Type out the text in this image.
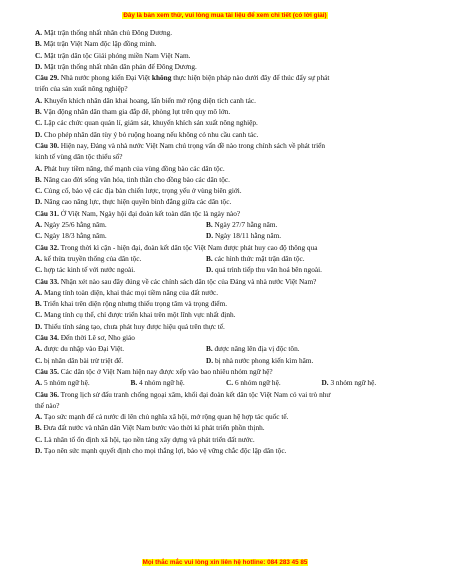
Đây là bản xem thử, vui lòng mua tài liệu để xem chi tiết (có lời giải)
A. Mặt trận thống nhất nhân chủ Đông Dương.
B. Mặt trận Việt Nam độc lập đồng minh.
C. Mặt trận dân tộc Giải phóng miền Nam Việt Nam.
D. Mặt trận thống nhất nhân dân phản đế Đông Dương.
Câu 29. Nhà nước phong kiến Đại Việt không thực hiện biện pháp nào dưới đây để thúc đẩy sự phát
triển của sản xuất nông nghiệp?
A. Khuyến khích nhân dân khai hoang, lấn biển mở rộng diện tích canh tác.
B. Vận động nhân dân tham gia đắp đê, phòng lụt trên quy mô lớn.
C. Lập các chức quan quản lí, giám sát, khuyến khích sản xuất nông nghiệp.
D. Cho phép nhân dân tùy ý bỏ ruộng hoang nếu không có nhu cầu canh tác.
Câu 30. Hiện nay, Đảng và nhà nước Việt Nam chú trọng vấn đề nào trong chính sách về phát triển
kinh tế vùng dân tộc thiểu số?
A. Phát huy tiềm năng, thế mạnh của vùng đồng bào các dân tộc.
B. Nâng cao đời sống văn hóa, tinh thần cho đồng bào các dân tộc.
C. Củng cố, bảo vệ các địa bàn chiến lược, trọng yếu ở vùng biên giới.
D. Nâng cao năng lực, thực hiện quyền bình đẳng giữa các dân tộc.
Câu 31. Ở Việt Nam, Ngày hội đại đoàn kết toàn dân tộc là ngày nào?
A. Ngày 25/6 hằng năm.	B. Ngày 27/7 hằng năm.
C. Ngày 18/3 hằng năm.	D. Ngày 18/11 hằng năm.
Câu 32. Trong thời kì cận - hiện đại, đoàn kết dân tộc Việt Nam được phát huy cao độ thông qua
A. kế thừa truyền thống của dân tộc.	B. các hình thức mặt trận dân tộc.
C. hợp tác kinh tế với nước ngoài.	D. quá trình tiếp thu văn hoá bên ngoài.
Câu 33. Nhận xét nào sau đây đúng về các chính sách dân tộc của Đảng và nhà nước Việt Nam?
A. Mang tính toàn diện, khai thác mọi tiềm năng của đất nước.
B. Triển khai trên diện rộng nhưng thiếu trọng tâm và trọng điểm.
C. Mang tính cụ thể, chỉ được triển khai trên một lĩnh vực nhất định.
D. Thiếu tính sáng tạo, chưa phát huy được hiệu quả trên thực tế.
Câu 34. Đến thời Lê sơ, Nho giáo
A. được du nhập vào Đại Việt.	B. được nâng lên địa vị độc tôn.
C. bị nhân dân bài trừ triệt để.	D. bị nhà nước phong kiến kìm hãm.
Câu 35. Các dân tộc ở Việt Nam hiện nay được xếp vào bao nhiêu nhóm ngữ hệ?
A. 5 nhóm ngữ hệ.	B. 4 nhóm ngữ hệ.	C. 6 nhóm ngữ hệ.	D. 3 nhóm ngữ hệ.
Câu 36. Trong lịch sử đấu tranh chống ngoại xâm, khối đại đoàn kết dân tộc Việt Nam có vai trò như
thế nào?
A. Tạo sức mạnh để cả nước đi lên chủ nghĩa xã hội, mở rộng quan hệ hợp tác quốc tế.
B. Đưa đất nước và nhân dân Việt Nam bước vào thời kì phát triển phồn thịnh.
C. Là nhân tố ổn định xã hội, tạo nền tảng xây dựng và phát triển đất nước.
D. Tạo nên sức mạnh quyết định cho mọi thắng lợi, bảo vệ vững chắc độc lập dân tộc.
Mọi thắc mắc vui lòng xin liên hệ hotline: 084 283 45 85
